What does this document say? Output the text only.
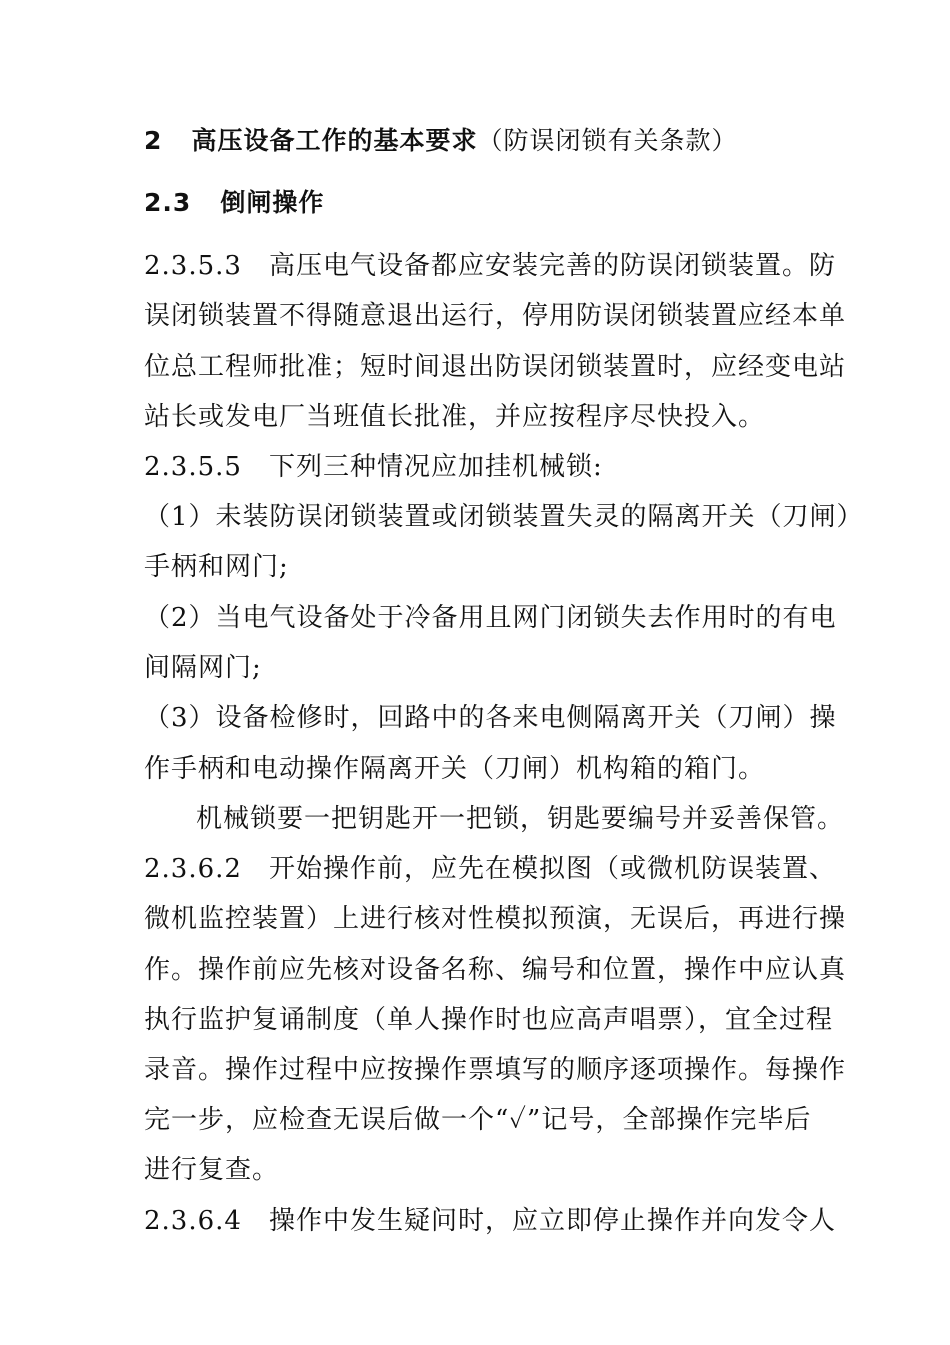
2 高压设备工作的基本要求（防误闭锁有关条款）
2.3 倒闸操作
2.3.5.3　高压电气设备都应安装完善的防误闭锁装置。防
误闭锁装置不得随意退出运行，停用防误闭锁装置应经本单
位总工程师批准；短时间退出防误闭锁装置时，应经变电站
站长或发电厂当班值长批准，并应按程序尽快投入。
2.3.5.5　下列三种情况应加挂机械锁:
（1）未装防误闭锁装置或闭锁装置失灵的隔离开关（刀闸）
手柄和网门;
（2）当电气设备处于冷备用且网门闭锁失去作用时的有电
间隔网门;
（3）设备检修时，回路中的各来电侧隔离开关（刀闸）操
作手柄和电动操作隔离开关（刀闸）机构箱的箱门。
机械锁要一把钥匙开一把锁，钥匙要编号并妥善保管。
2.3.6.2　开始操作前，应先在模拟图（或微机防误装置、
微机监控装置）上进行核对性模拟预演，无误后，再进行操
作。操作前应先核对设备名称、编号和位置，操作中应认真
执行监护复诵制度（单人操作时也应高声唱票），宜全过程
录音。操作过程中应按操作票填写的顺序逐项操作。每操作
完一步，应检查无误后做一个“✓”记号，全部操作完毕后
进行复查。
2.3.6.4　操作中发生疑问时，应立即停止操作并向发令人
